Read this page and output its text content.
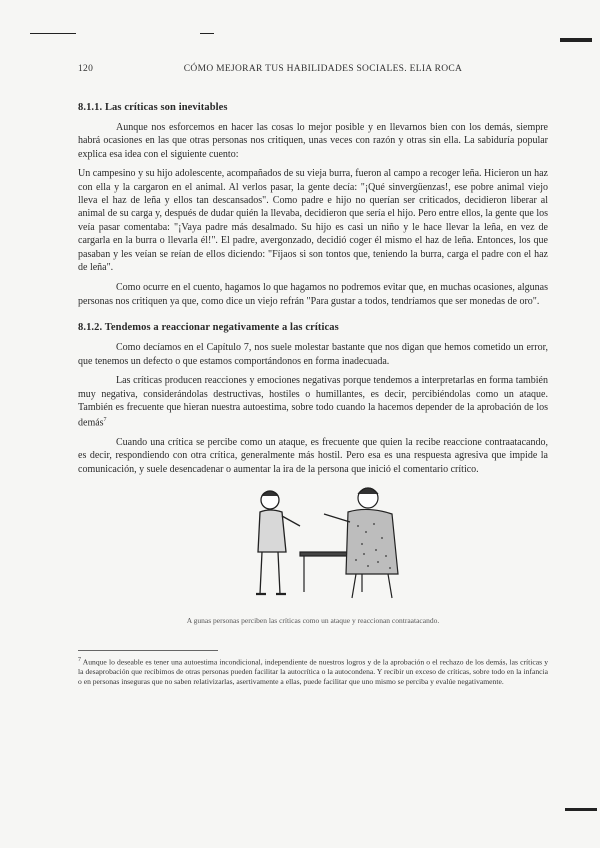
120	CÓMO MEJORAR TUS HABILIDADES SOCIALES. ELIA ROCA
8.1.1. Las críticas son inevitables

Aunque nos esforcemos en hacer las cosas lo mejor posible y en llevarnos bien con los demás, siempre habrá ocasiones en las que otras personas nos critiquen, unas veces con razón y otras sin ella. La sabiduría popular explica esa idea con el siguiente cuento:

Un campesino y su hijo adolescente, acompañados de su vieja burra, fueron al campo a recoger leña. Hicieron un haz con ella y la cargaron en el animal. Al verlos pasar, la gente decía: "¡Qué sinvergüenzas!, ese pobre animal viejo lleva el haz de leña y ellos tan descansados". Como padre e hijo no querían ser criticados, decidieron liberar al animal de su carga y, después de dudar quién la llevaba, decidieron que sería el hijo. Pero entre ellos, la gente que los veía pasar comentaba: "¡Vaya padre más desalmado. Su hijo es casi un niño y le hace llevar la leña, en vez de cargarla en la burra o llevarla él!". El padre, avergonzado, decidió coger él mismo el haz de leña. Entonces, los que pasaban y les veían se reían de ellos diciendo: "Fíjaos si son tontos que, teniendo la burra, carga el padre con el haz de leña".

Como ocurre en el cuento, hagamos lo que hagamos no podremos evitar que, en muchas ocasiones, algunas personas nos critiquen ya que, como dice un viejo refrán "Para gustar a todos, tendríamos que ser monedas de oro".

8.1.2. Tendemos a reaccionar negativamente a las críticas

Como decíamos en el Capítulo 7, nos suele molestar bastante que nos digan que hemos cometido un error, que tenemos un defecto o que estamos comportándonos en forma inadecuada.

Las críticas producen reacciones y emociones negativas porque tendemos a interpretarlas en forma también muy negativa, considerándolas destructivas, hostiles o humillantes, es decir, percibiéndolas como un ataque. También es frecuente que hieran nuestra autoestima, sobre todo cuando la hacemos depender de la aprobación de los demás$^7$

Cuando una crítica se percibe como un ataque, es frecuente que quien la recibe reaccione contraatacando, es decir, respondiendo con otra crítica, generalmente más hostil. Pero esa es una respuesta agresiva que impide la comunicación, y suele desencadenar o aumentar la ira de la persona que inició el comentario crítico.

A gunas personas perciben las críticas como un ataque y reaccionan contraatacando.

$^7$ Aunque lo deseable es tener una autoestima incondicional, independiente de nuestros logros y de la aprobación o el rechazo de los demás, las críticas y la desaprobación que recibimos de otras personas pueden facilitar la autocrítica o la autocondena. Y recibir un exceso de críticas, sobre todo en la infancia o en personas inseguras que no saben relativizarlas, asertivamente a ellas, puede facilitar que uno mismo se perciba y evalúe negativamente.
